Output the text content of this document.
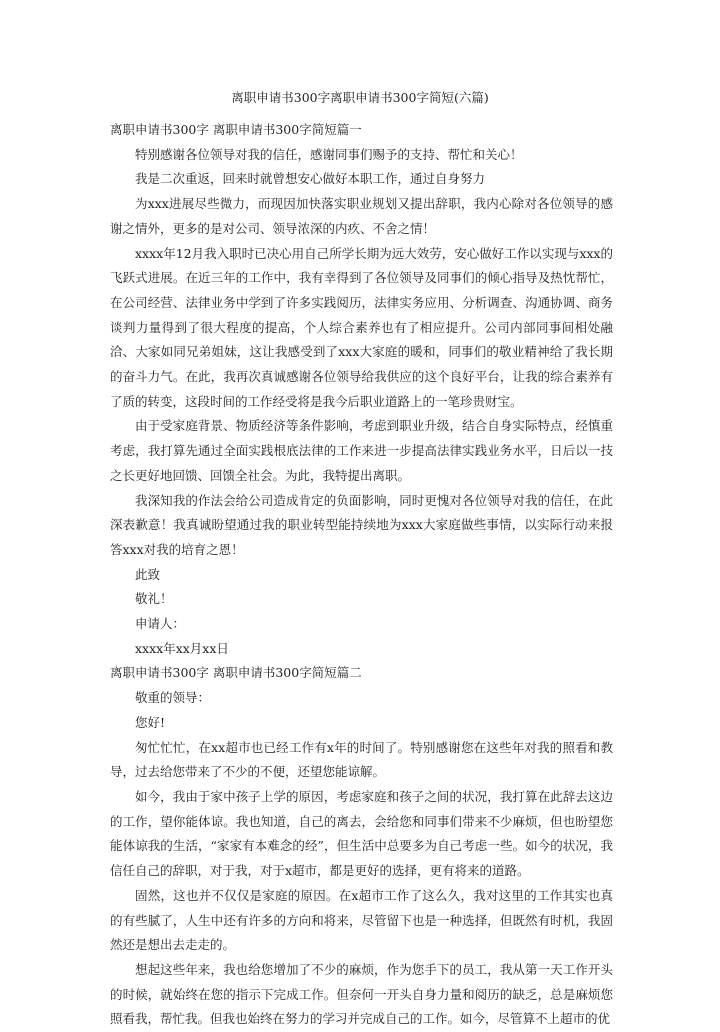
离职申请书300字离职申请书300字简短(六篇)
离职申请书300字 离职申请书300字简短篇一
特别感谢各位领导对我的信任，感谢同事们赐予的支持、帮忙和关心！
我是二次重返，回来时就曾想安心做好本职工作，通过自身努力
为xxx进展尽些微力，而现因加快落实职业规划又提出辞职，我内心除对各位领导的感谢之情外，更多的是对公司、领导浓深的内疚、不舍之情！
xxxx年12月我入职时已决心用自己所学长期为远大效劳，安心做好工作以实现与xxx的飞跃式进展。在近三年的工作中，我有幸得到了各位领导及同事们的倾心指导及热忱帮忙，在公司经营、法律业务中学到了许多实践阅历，法律实务应用、分析调查、沟通协调、商务谈判力量得到了很大程度的提高，个人综合素养也有了相应提升。公司内部同事间相处融洽、大家如同兄弟姐妹，这让我感受到了xxx大家庭的暖和，同事们的敬业精神给了我长期的奋斗力气。在此，我再次真诚感谢各位领导给我供应的这个良好平台，让我的综合素养有了质的转变，这段时间的工作经受将是我今后职业道路上的一笔珍贵财宝。
由于受家庭背景、物质经济等条件影响，考虑到职业升级，结合自身实际特点，经慎重考虑，我打算先通过全面实践根底法律的工作来进一步提高法律实践业务水平，日后以一技之长更好地回馈、回馈全社会。为此，我特提出离职。
我深知我的作法会给公司造成肯定的负面影响，同时更愧对各位领导对我的信任，在此深表歉意！我真诚盼望通过我的职业转型能持续地为xxx大家庭做些事情，以实际行动来报答xxx对我的培育之恩！
此致
敬礼！
申请人：
xxxx年xx月xx日
离职申请书300字 离职申请书300字简短篇二
敬重的领导：
您好!
匆忙忙忙，在xx超市也已经工作有x年的时间了。特别感谢您在这些年对我的照看和教导，过去给您带来了不少的不便，还望您能谅解。
如今，我由于家中孩子上学的原因，考虑家庭和孩子之间的状况，我打算在此辞去这边的工作，望你能体谅。我也知道，自己的离去，会给您和同事们带来不少麻烦，但也盼望您能体谅我的生活，“家家有本难念的经”，但生活中总要多为自己考虑一些。如今的状况，我信任自己的辞职，对于我，对于x超市，都是更好的选择，更有将来的道路。
固然，这也并不仅仅是家庭的原因。在x超市工作了这么久，我对这里的工作其实也真的有些腻了，人生中还有许多的方向和将来，尽管留下也是一种选择，但既然有时机，我固然还是想出去走走的。
想起这些年来，我也给您增加了不少的麻烦，作为您手下的员工，我从第一天工作开头的时候，就始终在您的指示下完成工作。但奈何一开头自身力量和阅历的缺乏，总是麻烦您照看我，帮忙我。但我也始终在努力的学习并完成自己的工作。如今，尽管算不上超市的优
